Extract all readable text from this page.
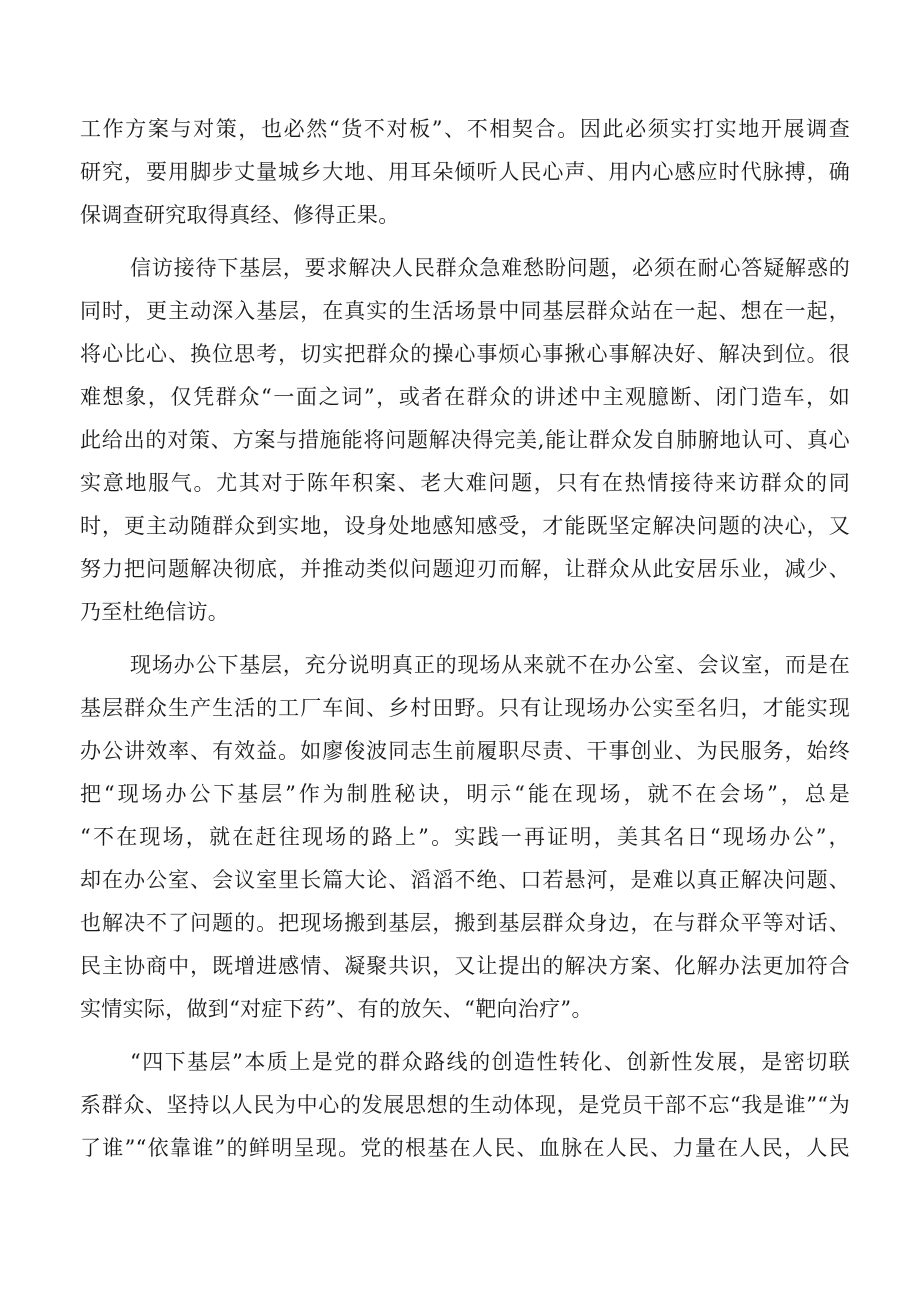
工作方案与对策，也必然“货不对板”、不相契合。因此必须实打实地开展调查

研究，要用脚步丈量城乡大地、用耳朵倾听人民心声、用内心感应时代脉搏，确

保调查研究取得真经、修得正果。

信访接待下基层，要求解决人民群众急难愁盼问题，必须在耐心答疑解惑的

同时，更主动深入基层，在真实的生活场景中同基层群众站在一起、想在一起，

将心比心、换位思考，切实把群众的操心事烦心事揪心事解决好、解决到位。很

难想象，仅凭群众“一面之词”，或者在群众的讲述中主观臆断、闭门造车，如

此给出的对策、方案与措施能将问题解决得完美,能让群众发自肺腑地认可、真心

实意地服气。尤其对于陈年积案、老大难问题，只有在热情接待来访群众的同

时，更主动随群众到实地，设身处地感知感受，才能既坚定解决问题的决心，又

努力把问题解决彻底，并推动类似问题迎刃而解，让群众从此安居乐业，减少、

乃至杜绝信访。

现场办公下基层，充分说明真正的现场从来就不在办公室、会议室，而是在

基层群众生产生活的工厂车间、乡村田野。只有让现场办公实至名归，才能实现

办公讲效率、有效益。如廖俊波同志生前履职尽责、干事创业、为民服务，始终

把“现场办公下基层”作为制胜秘诀，明示“能在现场，就不在会场”，总是

“不在现场，就在赶往现场的路上”。实践一再证明，美其名日“现场办公”，

却在办公室、会议室里长篇大论、滔滔不绝、口若悬河，是难以真正解决问题、

也解决不了问题的。把现场搬到基层，搬到基层群众身边，在与群众平等对话、

民主协商中，既增进感情、凝聚共识，又让提出的解决方案、化解办法更加符合

实情实际，做到“对症下药”、有的放矢、“靶向治疗”。

“四下基层”本质上是党的群众路线的创造性转化、创新性发展，是密切联

系群众、坚持以人民为中心的发展思想的生动体现，是党员干部不忘“我是谁”“为

了谁”“依靠谁”的鲜明呈现。党的根基在人民、血脉在人民、力量在人民，人民
